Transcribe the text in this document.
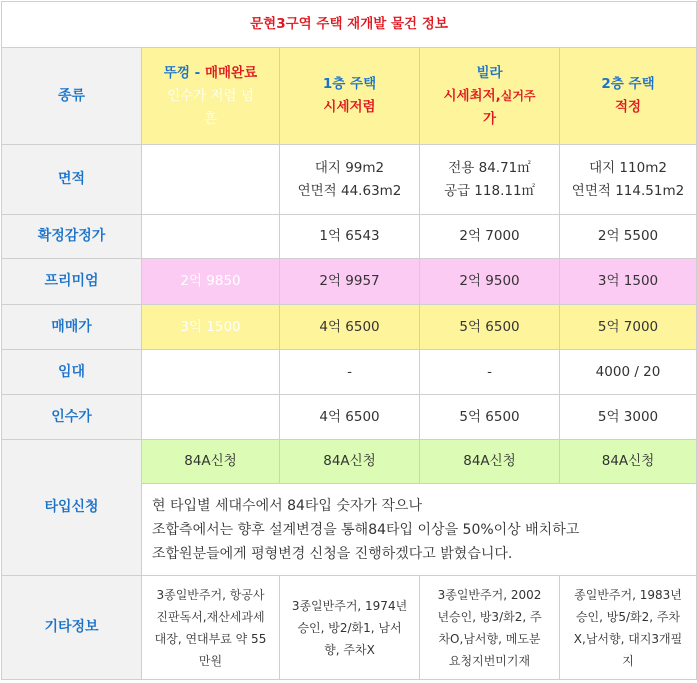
문현3구역 주택 재개발 물건 정보				
종류	뚜껑 - 매매완료
인수가 저렴 넘
흔	1층 주택
시세저렴	빌라
시세최저,실거주
가	2층 주택
적정
면적	41.1m2	대지 99m2
연면적 44.63m2	전용 84.71㎡
공급 118.11㎡	대지 110m2
연면적 114.51m2
확정감정가	1650	1억 6543	2억 7000	2억 5500
프리미엄	2억 9850	2억 9957	2억 9500	3억 1500
매매가	3억 1500	4억 6500	5억 6500	5억 7000
임대	300	-	-	4000 / 20
인수가	3억 1200	4억 6500	5억 6500	5억 3000
타입신청	84A신청	84A신청	84A신청	84A신청
	현 타입별 세대수에서 84타입 숫자가 작으나
조합측에서는 향후 설계변경을 통해84타입 이상을 50%이상 배치하고
조합원분들에게 평형변경 신청을 진행하겠다고 밝혔습니다.			
기타정보	3종일반주거, 항공사
진판독서,재산세과세
대장, 연대부료 약 55
만원	3종일반주거, 1974년
승인, 방2/화1, 남서
향, 주차X	3종일반주거, 2002
년승인, 방3/화2, 주
차O,남서향, 메도분
요청지번미기재	종일반주거, 1983년
승인, 방5/화2, 주차
X,남서향, 대지3개필
지
